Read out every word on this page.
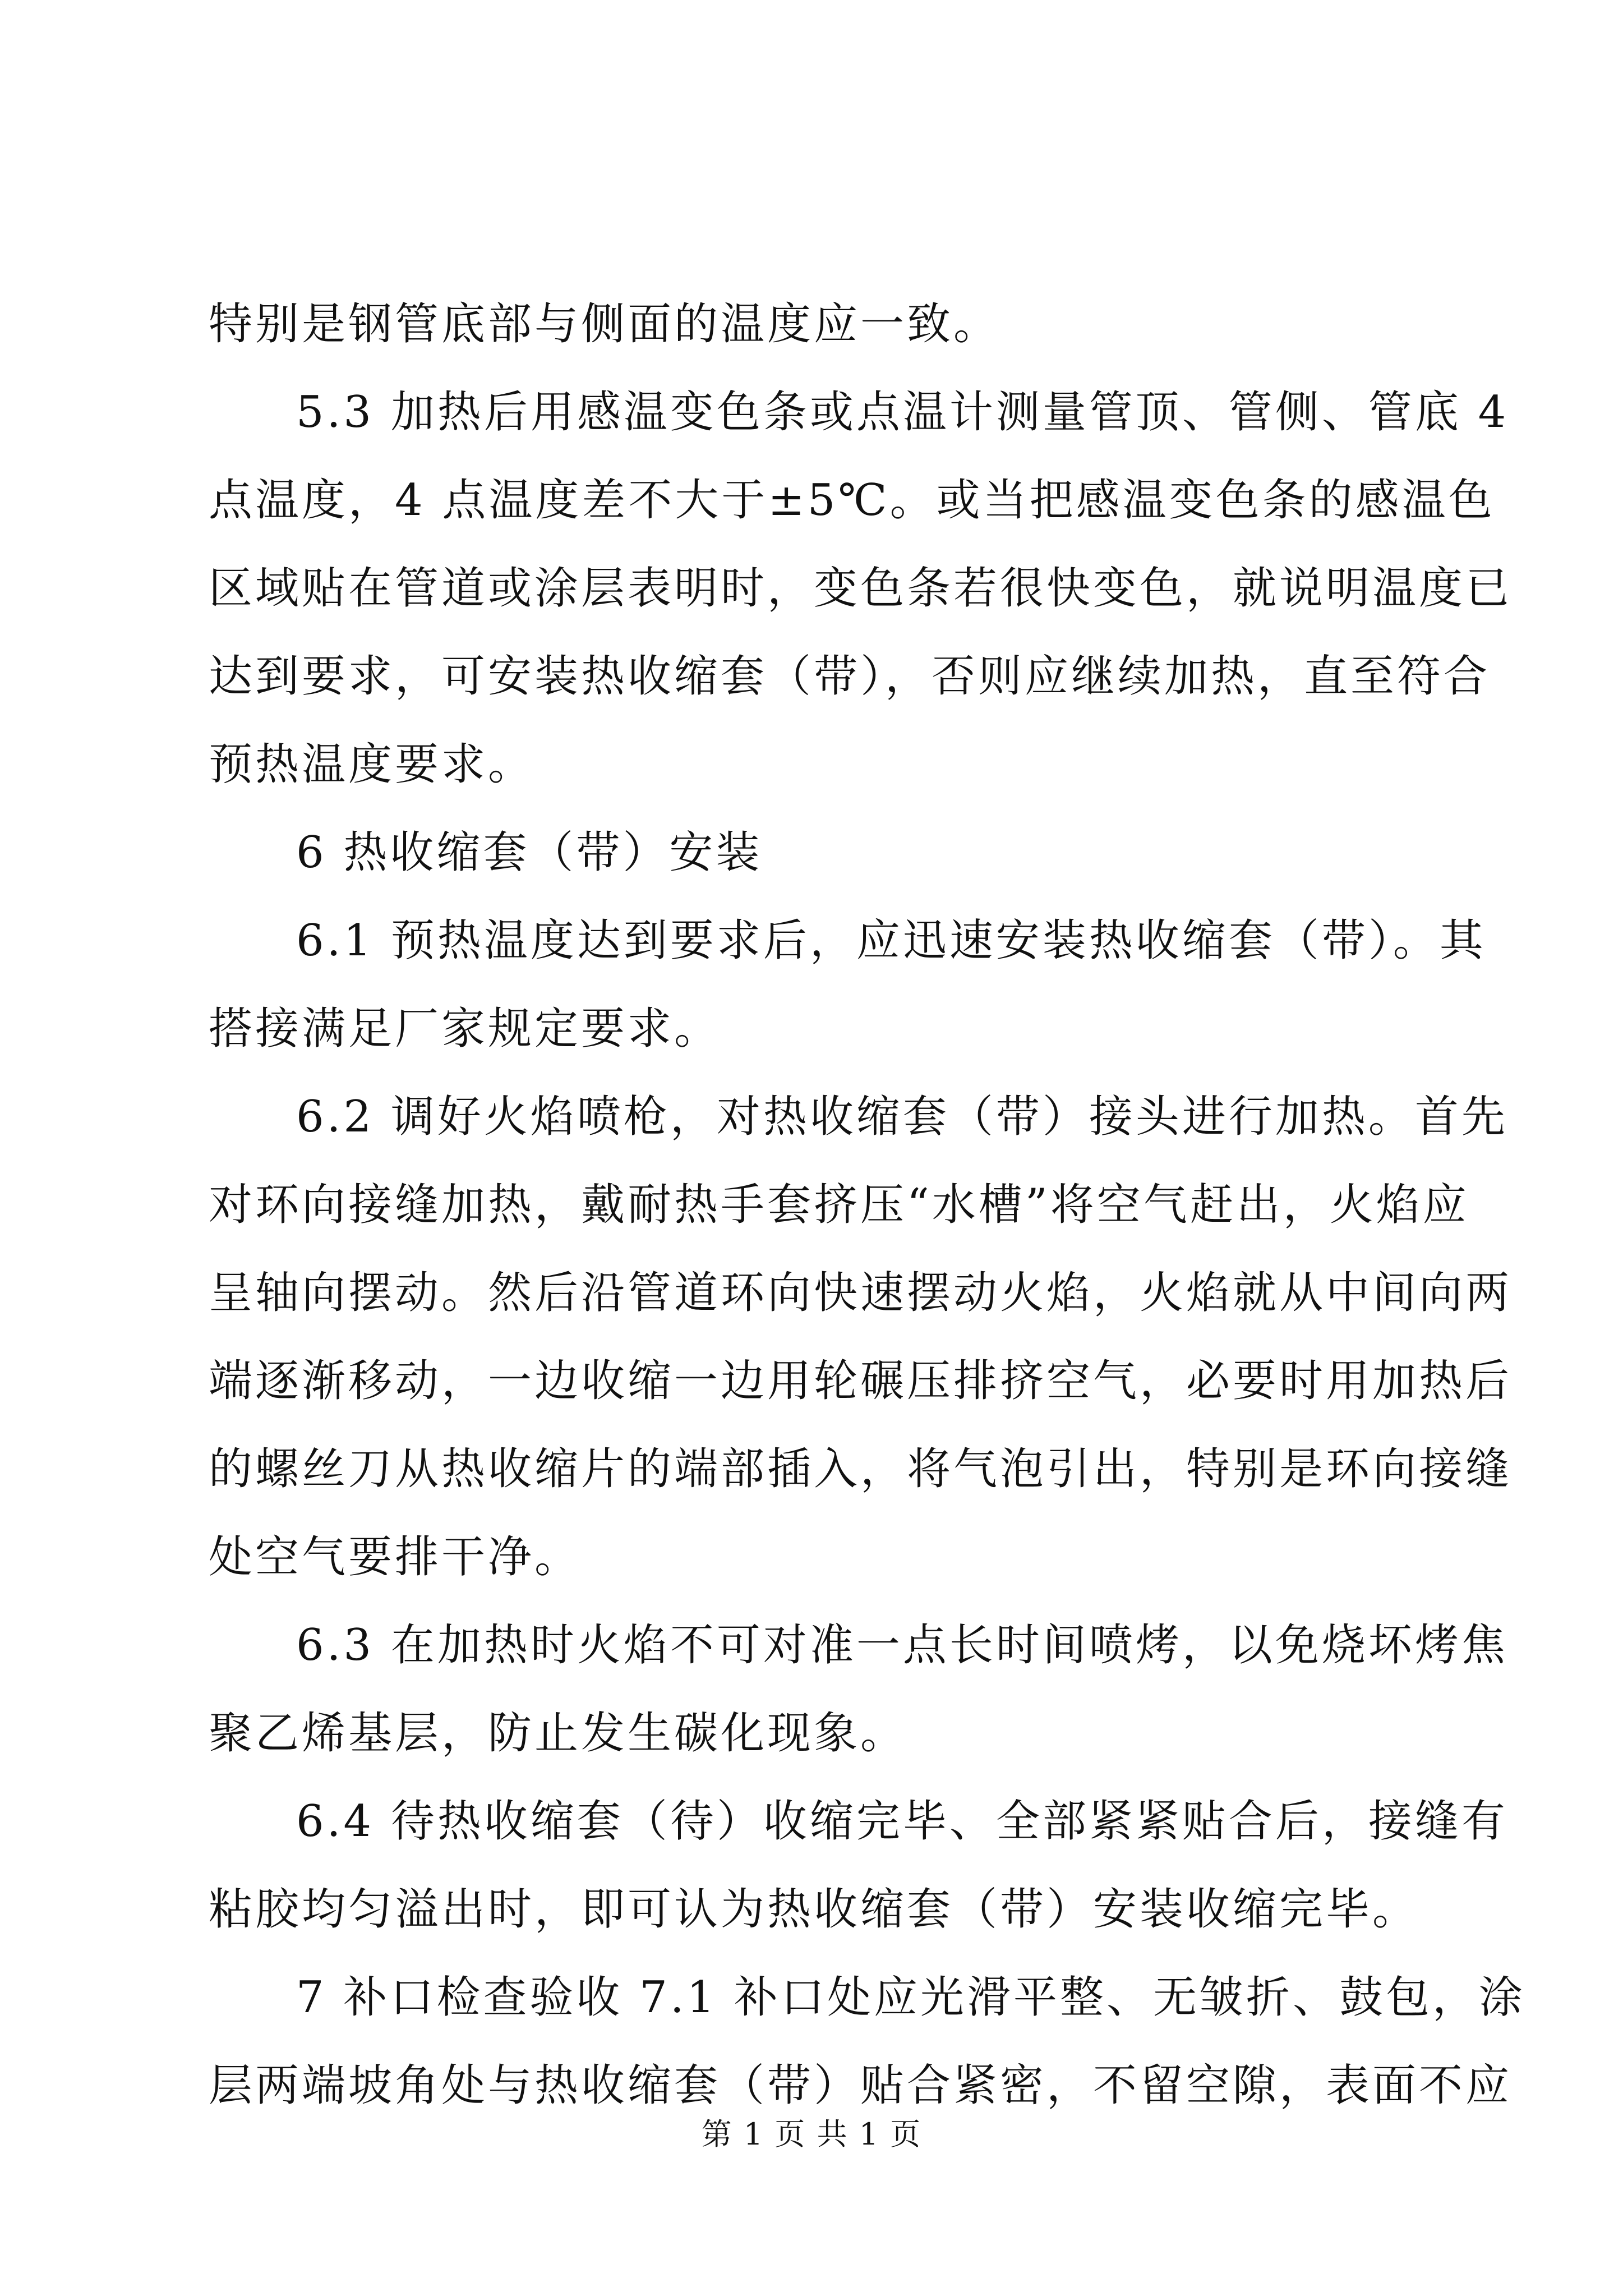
特别是钢管底部与侧面的温度应一致。
5.3 加热后用感温变色条或点温计测量管顶、管侧、管底 4
点温度，4 点温度差不大于±5℃。或当把感温变色条的感温色
区域贴在管道或涂层表明时，变色条若很快变色，就说明温度已
达到要求，可安装热收缩套（带），否则应继续加热，直至符合
预热温度要求。
6 热收缩套（带）安装
6.1 预热温度达到要求后，应迅速安装热收缩套（带）。其
搭接满足厂家规定要求。
6.2 调好火焰喷枪，对热收缩套（带）接头进行加热。首先
对环向接缝加热，戴耐热手套挤压“水槽”将空气赶出，火焰应
呈轴向摆动。然后沿管道环向快速摆动火焰，火焰就从中间向两
端逐渐移动，一边收缩一边用轮碾压排挤空气，必要时用加热后
的螺丝刀从热收缩片的端部插入，将气泡引出，特别是环向接缝
处空气要排干净。
6.3 在加热时火焰不可对准一点长时间喷烤，以免烧坏烤焦
聚乙烯基层，防止发生碳化现象。
6.4 待热收缩套（待）收缩完毕、全部紧紧贴合后，接缝有
粘胶均匀溢出时，即可认为热收缩套（带）安装收缩完毕。
7 补口检查验收 7.1 补口处应光滑平整、无皱折、鼓包，涂
层两端坡角处与热收缩套（带）贴合紧密，不留空隙，表面不应
第 1 页 共 1 页
